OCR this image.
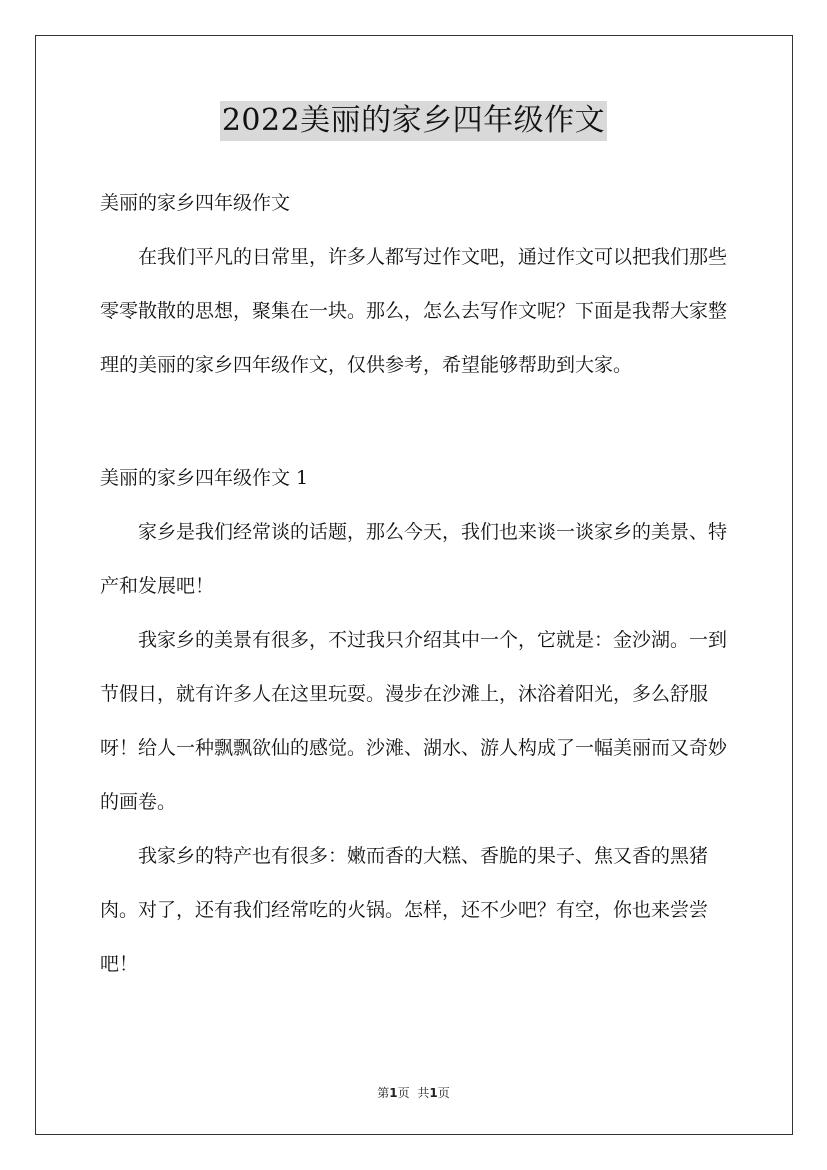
2022美丽的家乡四年级作文

美丽的家乡四年级作文

在我们平凡的日常里，许多人都写过作文吧，通过作文可以把我们那些零零散散的思想，聚集在一块。那么，怎么去写作文呢？下面是我帮大家整理的美丽的家乡四年级作文，仅供参考，希望能够帮助到大家。

美丽的家乡四年级作文 1

家乡是我们经常谈的话题，那么今天，我们也来谈一谈家乡的美景、特产和发展吧！

我家乡的美景有很多，不过我只介绍其中一个，它就是：金沙湖。一到节假日，就有许多人在这里玩耍。漫步在沙滩上，沐浴着阳光，多么舒服呀！给人一种飘飘欲仙的感觉。沙滩、湖水、游人构成了一幅美丽而又奇妙的画卷。

我家乡的特产也有很多：嫩而香的大糕、香脆的果子、焦又香的黑猪肉。对了，还有我们经常吃的火锅。怎样，还不少吧？有空，你也来尝尝吧！

第1页 共1页
